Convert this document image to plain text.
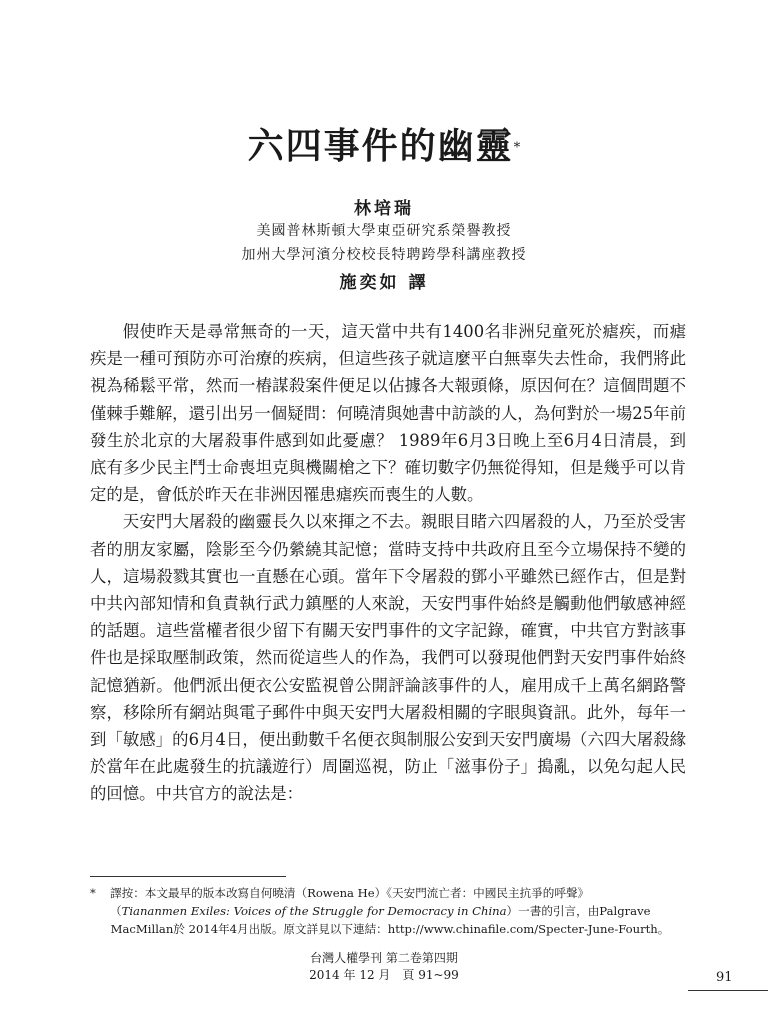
六四事件的幽靈*
林培瑞
美國普林斯頓大學東亞研究系榮譽教授
加州大學河濱分校校長特聘跨學科講座教授
施奕如 譯

假使昨天是尋常無奇的一天，這天當中共有1400名非洲兒童死於瘧疾，而瘧疾是一種可預防亦可治療的疾病，但這些孩子就這麼平白無辜失去性命，我們將此視為稀鬆平常，然而一樁謀殺案件便足以佔據各大報頭條，原因何在？這個問題不僅棘手難解，還引出另一個疑問：何曉清與她書中訪談的人，為何對於一場25年前發生於北京的大屠殺事件感到如此憂慮？ 1989年6月3日晚上至6月4日清晨，到底有多少民主鬥士命喪坦克與機關槍之下？確切數字仍無從得知，但是幾乎可以肯定的是，會低於昨天在非洲因罹患瘧疾而喪生的人數。

天安門大屠殺的幽靈長久以來揮之不去。親眼目睹六四屠殺的人，乃至於受害者的朋友家屬，陰影至今仍縈繞其記憶；當時支持中共政府且至今立場保持不變的人，這場殺戮其實也一直懸在心頭。當年下令屠殺的鄧小平雖然已經作古，但是對中共內部知情和負責執行武力鎮壓的人來說，天安門事件始終是觸動他們敏感神經的話題。這些當權者很少留下有關天安門事件的文字記錄，確實，中共官方對該事件也是採取壓制政策，然而從這些人的作為，我們可以發現他們對天安門事件始終記憶猶新。他們派出便衣公安監視曾公開評論該事件的人，雇用成千上萬名網路警察，移除所有網站與電子郵件中與天安門大屠殺相關的字眼與資訊。此外，每年一到「敏感」的6月4日，便出動數千名便衣與制服公安到天安門廣場（六四大屠殺緣於當年在此處發生的抗議遊行）周圍巡視，防止「滋事份子」搗亂，以免勾起人民的回憶。中共官方的說法是：

* 譯按：本文最早的版本改寫自何曉清（Rowena He）《天安門流亡者：中國民主抗爭的呼聲》
（Tiananmen Exiles: Voices of the Struggle for Democracy in China）一書的引言，由Palgrave
MacMillan於 2014年4月出版。原文詳見以下連結：http://www.chinafile.com/Specter-June-Fourth。
台灣人權學刊 第二卷第四期
2014 年 12 月　頁 91~99	91
